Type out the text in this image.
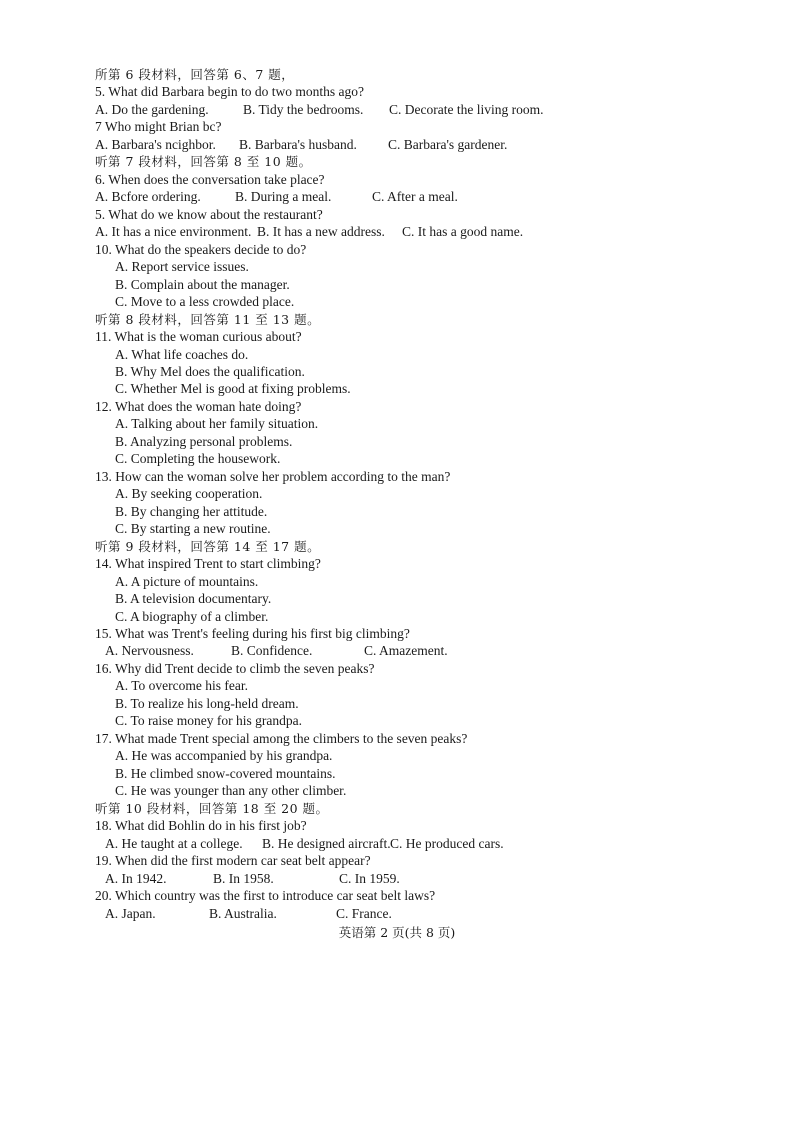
所第 6 段材料，回答第 6、7 题，
5. What did Barbara begin to do two months ago?
A. Do the gardening.	B. Tidy the bedrooms. C. Decorate the living room.
7 Who might Brian bc?
A. Barbara's ncighbor. B. Barbara's husband. C. Barbara's gardener.
听第 7 段材料，回答第 8 至 10 题。
6. When does the conversation take place?
A. Bcfore ordering.	B. During a meal.	C. After a meal.
5. What do we know about the restaurant?
A. It has a nice environment. B. It has a new address. C. It has a good name.
10. What do the speakers decide to do?
A. Report service issues.
B. Complain about the manager.
C. Move to a less crowded place.
听第 8 段材料，回答第 11 至 13 题。
11. What is the woman curious about?
A. What life coaches do.
B. Why Mel does the qualification.
C. Whether Mel is good at fixing problems.
12. What does the woman hate doing?
A. Talking about her family situation.
B. Analyzing personal problems.
C. Completing the housework.
13. How can the woman solve her problem according to the man?
A. By seeking cooperation.
B. By changing her attitude.
C. By starting a new routine.
听第 9 段材料，回答第 14 至 17 题。
14. What inspired Trent to start climbing?
A. A picture of mountains.
B. A television documentary.
C. A biography of a climber.
15. What was Trent's feeling during his first big climbing?
A. Nervousness.	B. Confidence.	C. Amazement.
16. Why did Trent decide to climb the seven peaks?
A. To overcome his fear.
B. To realize his long-held dream.
C. To raise money for his grandpa.
17. What made Trent special among the climbers to the seven peaks?
A. He was accompanied by his grandpa.
B. He climbed snow-covered mountains.
C. He was younger than any other climber.
听第 10 段材料，回答第 18 至 20 题。
18. What did Bohlin do in his first job?
A. He taught at a college. B. He designed aircraft. C. He produced cars.
19. When did the first modern car seat belt appear?
A. In 1942.	B. In 1958.	C. In 1959.
20. Which country was the first to introduce car seat belt laws?
A. Japan.	B. Australia.	C. France.
英语第 2 页(共 8 页)
